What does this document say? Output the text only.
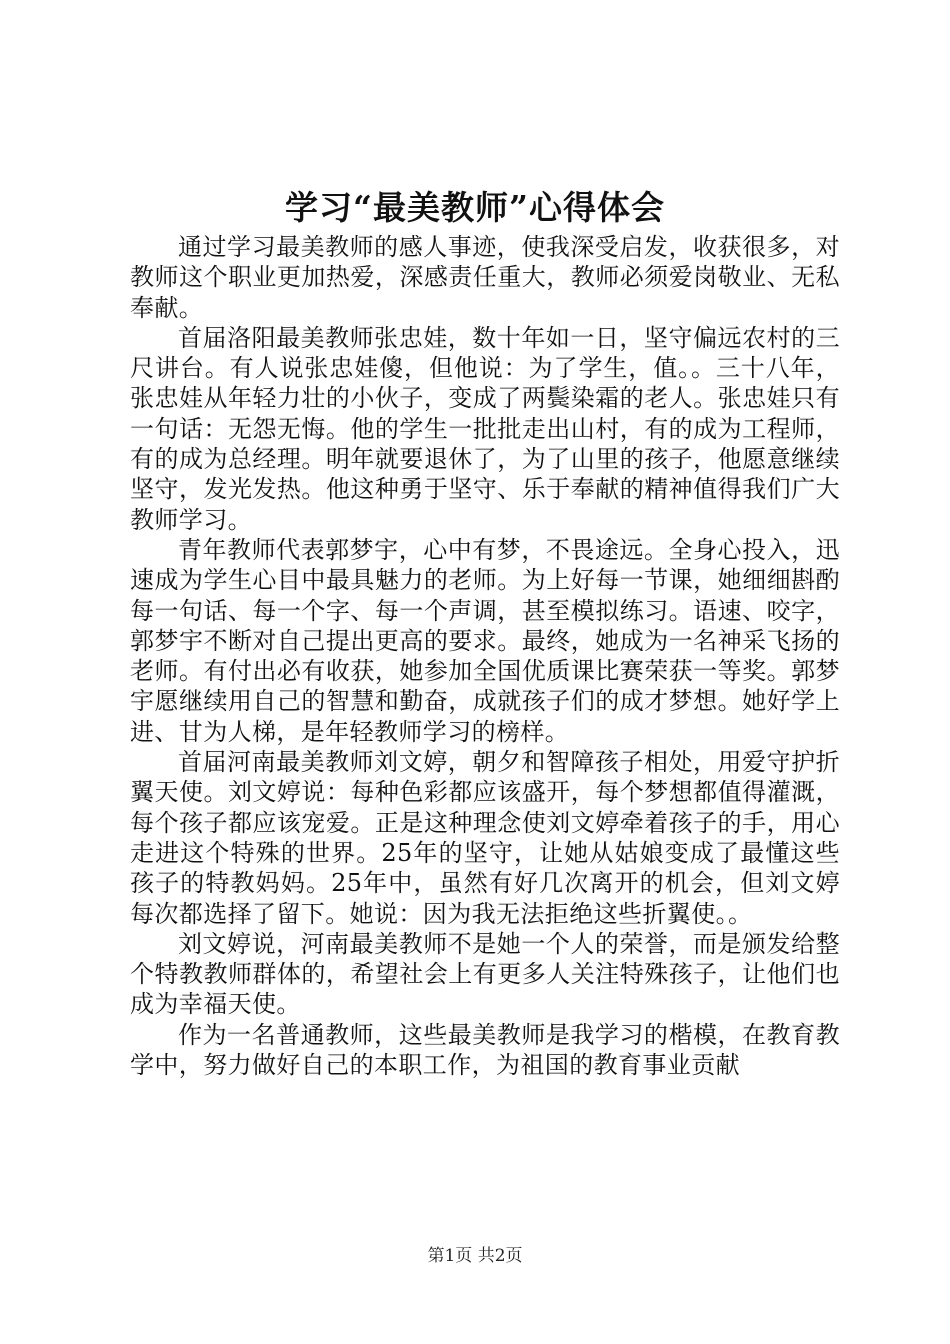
学习“最美教师”心得体会

通过学习最美教师的感人事迹，使我深受启发，收获很多，对教师这个职业更加热爱，深感责任重大，教师必须爱岗敬业、无私奉献。

首届洛阳最美教师张忠娃，数十年如一日，坚守偏远农村的三尺讲台。有人说张忠娃傻，但他说：为了学生，值。。三十八年，张忠娃从年轻力壮的小伙子，变成了两鬓染霜的老人。张忠娃只有一句话：无怨无悔。他的学生一批批走出山村，有的成为工程师，有的成为总经理。明年就要退休了，为了山里的孩子，他愿意继续坚守，发光发热。他这种勇于坚守、乐于奉献的精神值得我们广大教师学习。

青年教师代表郭梦宇，心中有梦，不畏途远。全身心投入，迅速成为学生心目中最具魅力的老师。为上好每一节课，她细细斟酌每一句话、每一个字、每一个声调，甚至模拟练习。语速、咬字，郭梦宇不断对自己提出更高的要求。最终，她成为一名神采飞扬的老师。有付出必有收获，她参加全国优质课比赛荣获一等奖。郭梦宇愿继续用自己的智慧和勤奋，成就孩子们的成才梦想。她好学上进、甘为人梯，是年轻教师学习的榜样。

首届河南最美教师刘文婷，朝夕和智障孩子相处，用爱守护折翼天使。刘文婷说：每种色彩都应该盛开，每个梦想都值得灌溉，每个孩子都应该宠爱。正是这种理念使刘文婷牵着孩子的手，用心走进这个特殊的世界。25年的坚守，让她从姑娘变成了最懂这些孩子的特教妈妈。25年中，虽然有好几次离开的机会，但刘文婷每次都选择了留下。她说：因为我无法拒绝这些折翼使。。

刘文婷说，河南最美教师不是她一个人的荣誉，而是颁发给整个特教教师群体的，希望社会上有更多人关注特殊孩子，让他们也成为幸福天使。

作为一名普通教师，这些最美教师是我学习的楷模，在教育教学中，努力做好自己的本职工作，为祖国的教育事业贡献

第1页 共2页
